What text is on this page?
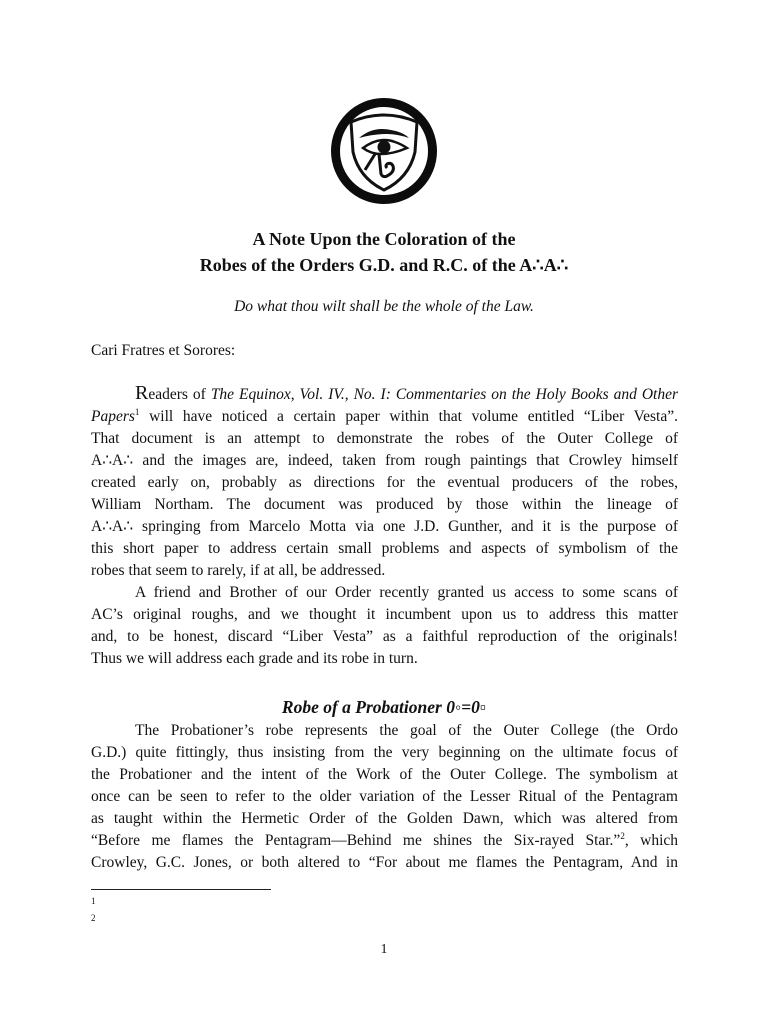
A Note Upon the Coloration of the
Robes of the Orders G.D. and R.C. of the A∴A∴
Do what thou wilt shall be the whole of the Law.
Cari Fratres et Sorores:
Readers of The Equinox, Vol. IV., No. I: Commentaries on the Holy Books and Other
Papers$^1$ will have noticed a certain paper within that volume entitled “Liber Vesta”.
That document is an attempt to demonstrate the robes of the Outer College of
A∴A∴ and the images are, indeed, taken from rough paintings that Crowley himself
created early on, probably as directions for the eventual producers of the robes,
William Northam. The document was produced by those within the lineage of
A∴A∴ springing from Marcelo Motta via one J.D. Gunther, and it is the purpose of
this short paper to address certain small problems and aspects of symbolism of the
robes that seem to rarely, if at all, be addressed.
A friend and Brother of our Order recently granted us access to some scans of
AC’s original roughs, and we thought it incumbent upon us to address this matter
and, to be honest, discard “Liber Vesta” as a faithful reproduction of the originals!
Thus we will address each grade and its robe in turn.
Robe of a Probationer 0◦=0▫
The Probationer’s robe represents the goal of the Outer College (the Ordo
G.D.) quite fittingly, thus insisting from the very beginning on the ultimate focus of
the Probationer and the intent of the Work of the Outer College. The symbolism at
once can be seen to refer to the older variation of the Lesser Ritual of the Pentagram
as taught within the Hermetic Order of the Golden Dawn, which was altered from
“Before me flames the Pentagram—Behind me shines the Six-rayed Star.”$^2$, which
Crowley, G.C. Jones, or both altered to “For about me flames the Pentagram, And in
1
2
1
